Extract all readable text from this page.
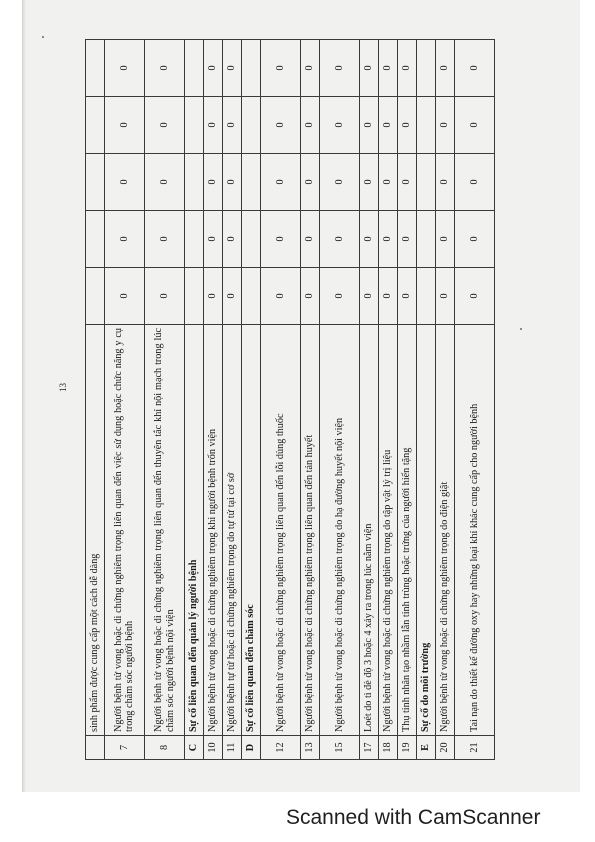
13
	sinh phẩm được cung cấp một cách dễ dàng					
7	Người bệnh tử vong hoặc di chứng nghiêm trọng liên quan đến việc sử dụng hoặc chức năng y cụ trong chăm sóc người bệnh	0	0	0	0	0
8	Người bệnh tử vong hoặc di chứng nghiêm trọng liên quan đến thuyên tắc khí nội mạch trong lúc chăm sóc người bệnh nội viện	0	0	0	0	0
C	Sự cố liên quan đến quản lý người bệnh					
10	Người bệnh tử vong hoặc di chứng nghiêm trọng khi người bệnh trốn viện	0	0	0	0	0
11	Người bệnh tự tử hoặc di chứng nghiêm trọng do tự tử tại cơ sở	0	0	0	0	0
D	Sự cố liên quan đến chăm sóc					
12	Người bệnh tử vong hoặc di chứng nghiêm trọng liên quan đến lỗi dùng thuốc	0	0	0	0	0
13	Người bệnh tử vong hoặc di chứng nghiêm trọng liên quan đến tán huyết	0	0	0	0	0
15	Người bệnh tử vong hoặc di chứng nghiêm trọng do hạ đường huyết nội viện	0	0	0	0	0
17	Loét do tì đè độ 3 hoặc 4 xảy ra trong lúc nằm viện	0	0	0	0	0
18	Người bệnh tử vong hoặc di chứng nghiêm trọng do tập vật lý trị liệu	0	0	0	0	0
19	Thụ tinh nhân tạo nhầm lẫn tinh trùng hoặc trứng của người hiến tặng	0	0	0	0	0
E	Sự cố do môi trường					
20	Người bệnh tử vong hoặc di chứng nghiêm trọng do điện giật	0	0	0	0	0
21	Tai nạn do thiết kế đường oxy hay những loại khí khác cung cấp cho người bệnh	0	0	0	0	0
Scanned with CamScanner
